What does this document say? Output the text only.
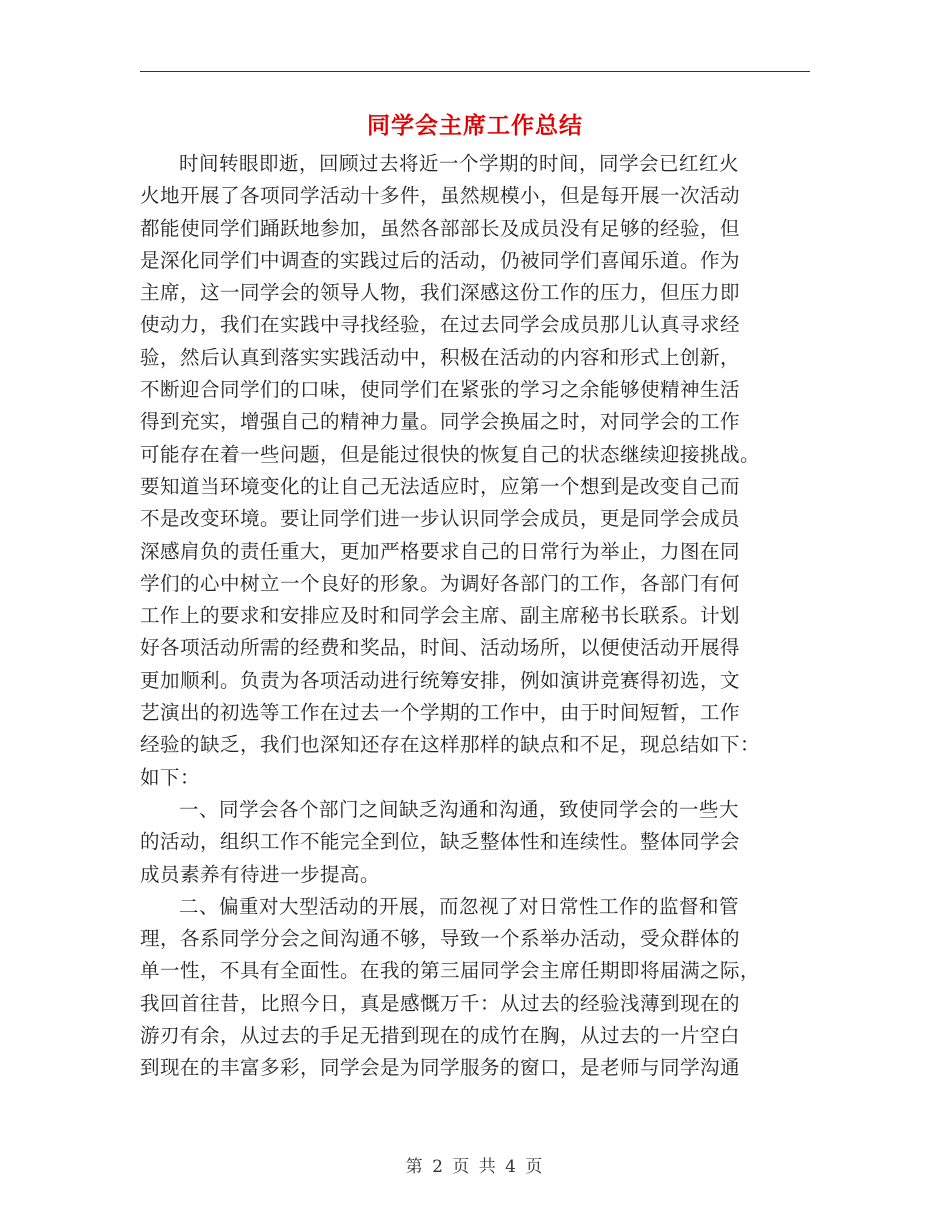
同学会主席工作总结

时间转眼即逝，回顾过去将近一个学期的时间，同学会已红红火
火地开展了各项同学活动十多件，虽然规模小，但是每开展一次活动
都能使同学们踊跃地参加，虽然各部部长及成员没有足够的经验，但
是深化同学们中调查的实践过后的活动，仍被同学们喜闻乐道。作为
主席，这一同学会的领导人物，我们深感这份工作的压力，但压力即
使动力，我们在实践中寻找经验，在过去同学会成员那儿认真寻求经
验，然后认真到落实实践活动中，积极在活动的内容和形式上创新，
不断迎合同学们的口味，使同学们在紧张的学习之余能够使精神生活
得到充实，增强自己的精神力量。同学会换届之时，对同学会的工作
可能存在着一些问题，但是能过很快的恢复自己的状态继续迎接挑战。
要知道当环境变化的让自己无法适应时，应第一个想到是改变自己而
不是改变环境。要让同学们进一步认识同学会成员，更是同学会成员
深感肩负的责任重大，更加严格要求自己的日常行为举止，力图在同
学们的心中树立一个良好的形象。为调好各部门的工作，各部门有何
工作上的要求和安排应及时和同学会主席、副主席秘书长联系。计划
好各项活动所需的经费和奖品，时间、活动场所，以便使活动开展得
更加顺利。负责为各项活动进行统筹安排，例如演讲竞赛得初选，文
艺演出的初选等工作在过去一个学期的工作中，由于时间短暂，工作
经验的缺乏，我们也深知还存在这样那样的缺点和不足，现总结如下：
如下：

一、同学会各个部门之间缺乏沟通和沟通，致使同学会的一些大
的活动，组织工作不能完全到位，缺乏整体性和连续性。整体同学会
成员素养有待进一步提高。

二、偏重对大型活动的开展，而忽视了对日常性工作的监督和管
理，各系同学分会之间沟通不够，导致一个系举办活动，受众群体的
单一性，不具有全面性。在我的第三届同学会主席任期即将届满之际，
我回首往昔，比照今日，真是感慨万千：从过去的经验浅薄到现在的
游刃有余，从过去的手足无措到现在的成竹在胸，从过去的一片空白
到现在的丰富多彩，同学会是为同学服务的窗口，是老师与同学沟通

第 2 页 共 4 页
